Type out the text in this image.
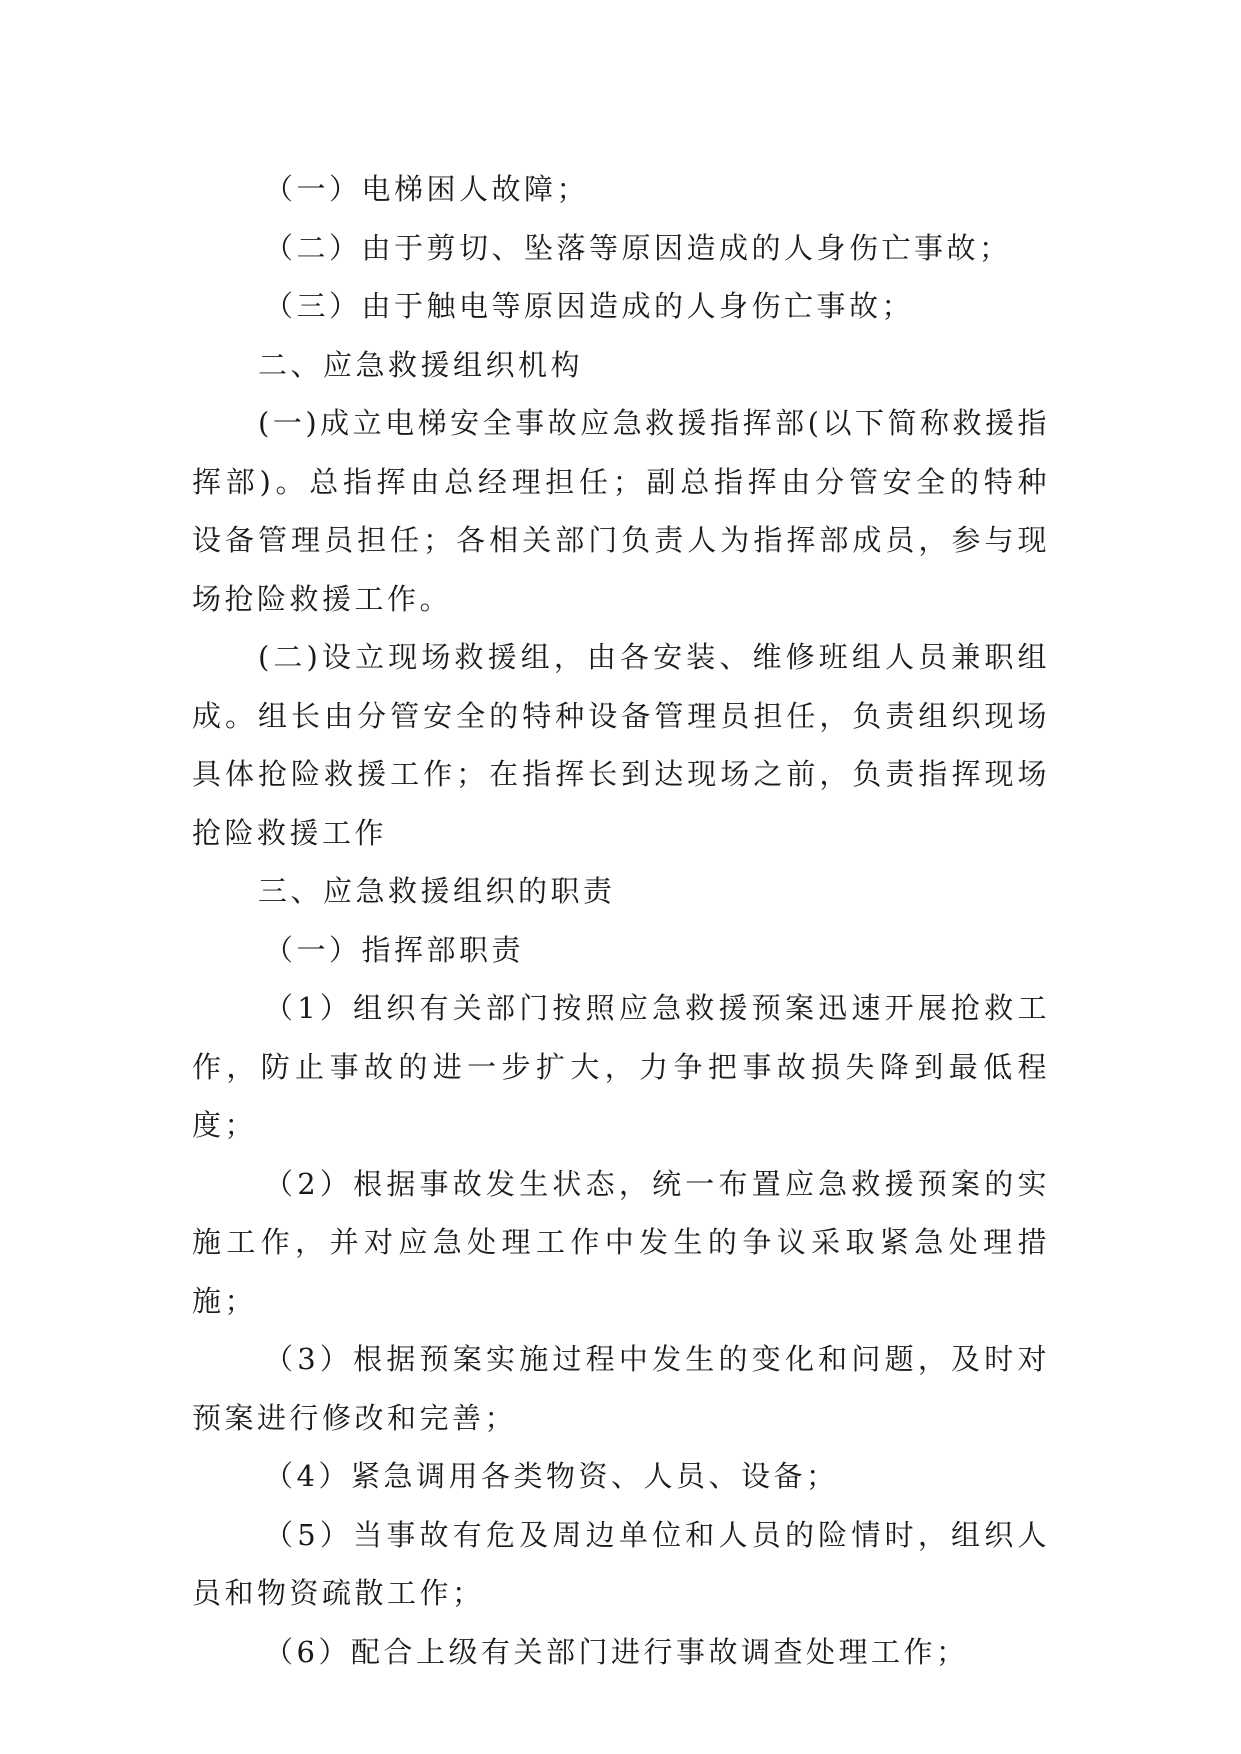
（一）电梯困人故障；

（二）由于剪切、坠落等原因造成的人身伤亡事故；

（三）由于触电等原因造成的人身伤亡事故；

二、应急救援组织机构

(一)成立电梯安全事故应急救援指挥部(以下简称救援指挥部)。总指挥由总经理担任；副总指挥由分管安全的特种设备管理员担任；各相关部门负责人为指挥部成员，参与现场抢险救援工作。

(二)设立现场救援组，由各安装、维修班组人员兼职组成。组长由分管安全的特种设备管理员担任，负责组织现场具体抢险救援工作；在指挥长到达现场之前，负责指挥现场抢险救援工作

三、应急救援组织的职责

（一）指挥部职责

（1）组织有关部门按照应急救援预案迅速开展抢救工作，防止事故的进一步扩大，力争把事故损失降到最低程度；

（2）根据事故发生状态，统一布置应急救援预案的实施工作，并对应急处理工作中发生的争议采取紧急处理措施；

（3）根据预案实施过程中发生的变化和问题，及时对预案进行修改和完善；

（4）紧急调用各类物资、人员、设备；

（5）当事故有危及周边单位和人员的险情时，组织人员和物资疏散工作；

（6）配合上级有关部门进行事故调查处理工作；
